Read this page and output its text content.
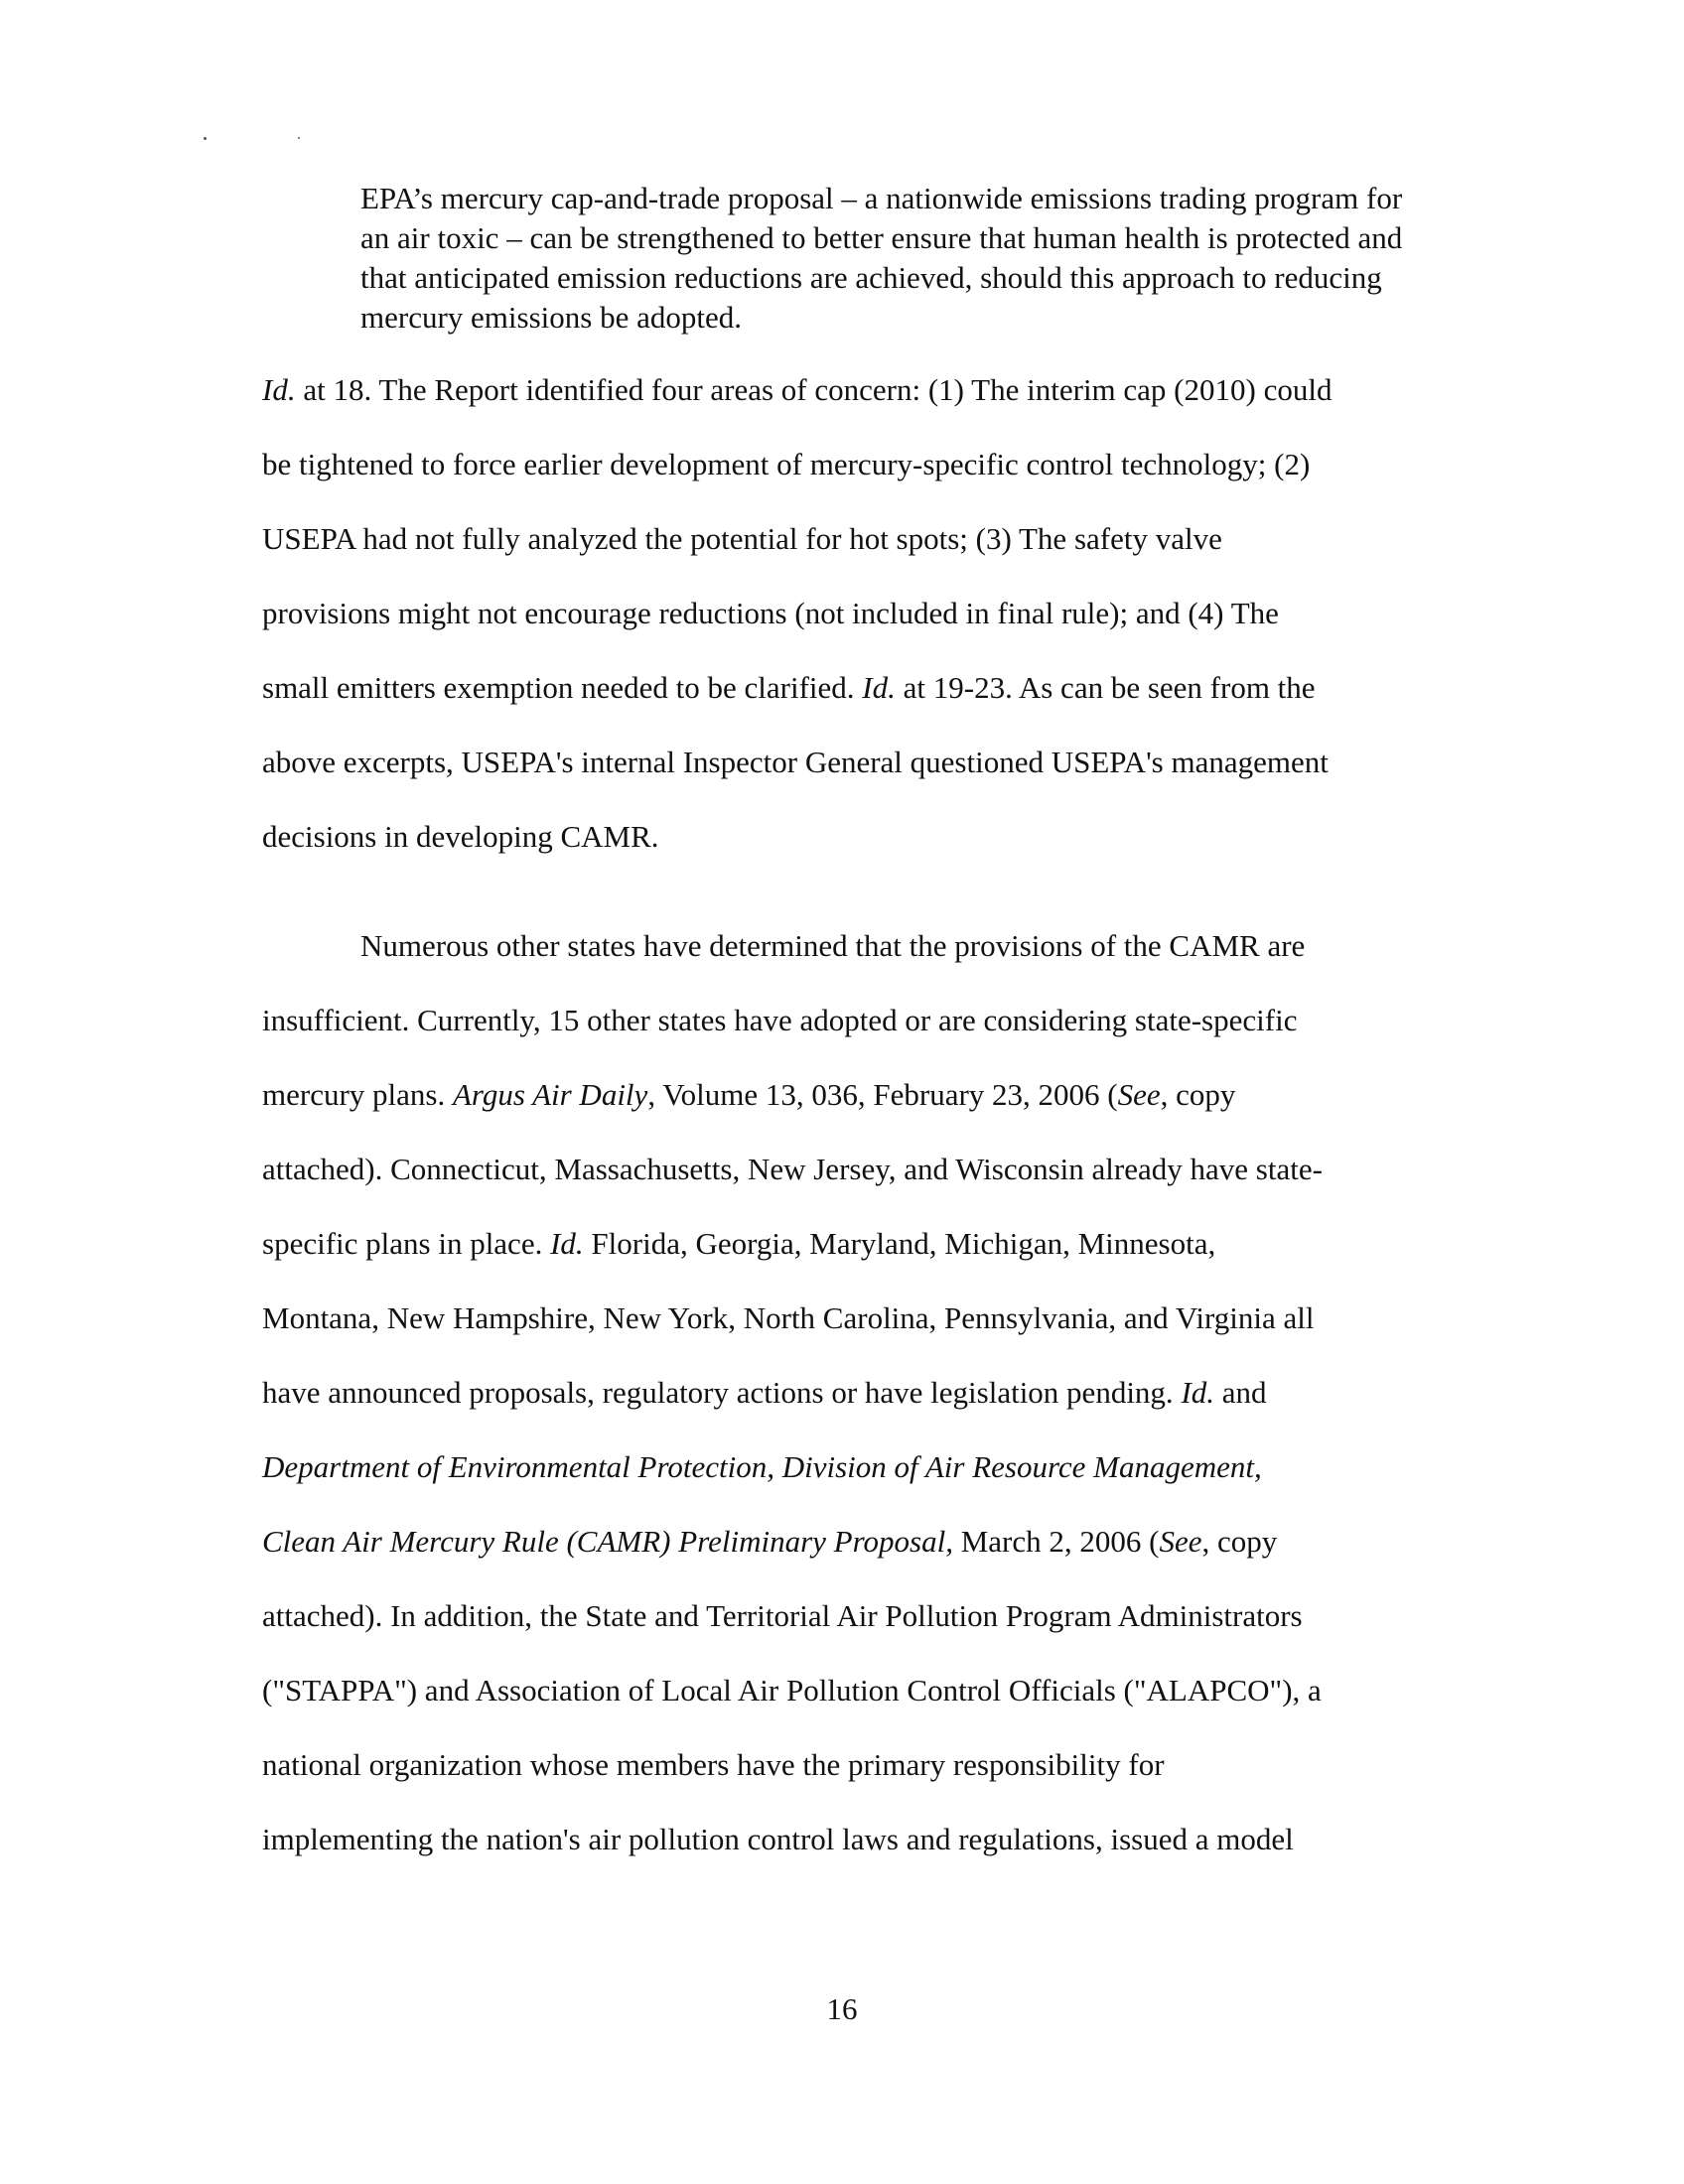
EPA’s mercury cap-and-trade proposal – a nationwide emissions trading program for
an air toxic – can be strengthened to better ensure that human health is protected and
that anticipated emission reductions are achieved, should this approach to reducing
mercury emissions be adopted.
Id. at 18. The Report identified four areas of concern: (1) The interim cap (2010) could
be tightened to force earlier development of mercury-specific control technology; (2)
USEPA had not fully analyzed the potential for hot spots; (3) The safety valve
provisions might not encourage reductions (not included in final rule); and (4) The
small emitters exemption needed to be clarified. Id. at 19-23. As can be seen from the
above excerpts, USEPA's internal Inspector General questioned USEPA's management
decisions in developing CAMR.
Numerous other states have determined that the provisions of the CAMR are
insufficient. Currently, 15 other states have adopted or are considering state-specific
mercury plans. Argus Air Daily, Volume 13, 036, February 23, 2006 (See, copy
attached). Connecticut, Massachusetts, New Jersey, and Wisconsin already have state-
specific plans in place. Id. Florida, Georgia, Maryland, Michigan, Minnesota,
Montana, New Hampshire, New York, North Carolina, Pennsylvania, and Virginia all
have announced proposals, regulatory actions or have legislation pending. Id. and
Department of Environmental Protection, Division of Air Resource Management,
Clean Air Mercury Rule (CAMR) Preliminary Proposal, March 2, 2006 (See, copy
attached). In addition, the State and Territorial Air Pollution Program Administrators
("STAPPA") and Association of Local Air Pollution Control Officials ("ALAPCO"), a
national organization whose members have the primary responsibility for
implementing the nation's air pollution control laws and regulations, issued a model
16
